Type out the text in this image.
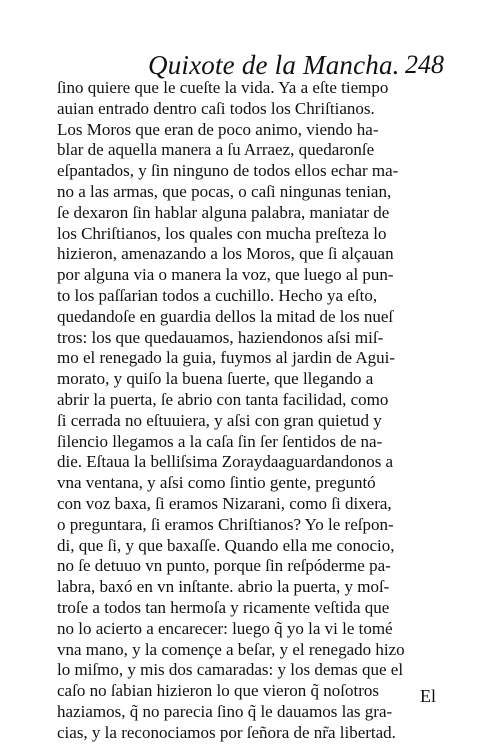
Quixote de la Mancha. 248
ſino quiere que le cueſte la vida. Ya a eſte tiempo
auian entrado dentro caſi todos los Chriſtianos.
Los Moros que eran de poco animo, viendo ha-
blar de aquella manera a ſu Arraez, quedaronſe
eſpantados, y ſin ninguno de todos ellos echar ma-
no a las armas, que pocas, o caſi ningunas tenian,
ſe dexaron ſin hablar alguna palabra, maniatar de
los Chriſtianos, los quales con mucha preſteza lo
hizieron, amenazando a los Moros, que ſi alçauan
por alguna via o manera la voz, que luego al pun-
to los paſſarian todos a cuchillo. Hecho ya eſto,
quedandoſe en guardia dellos la mitad de los nueſ
tros: los que quedauamos, haziendonos aſsi miſ-
mo el renegado la guia, fuymos al jardin de Agui-
morato, y quiſo la buena ſuerte, que llegando a
abrir la puerta, ſe abrio con tanta facilidad, como
ſi cerrada no eſtuuiera, y aſsi con gran quietud y
ſilencio llegamos a la caſa ſin ſer ſentidos de na-
die. Eſtaua la belliſsima Zoraydaaguardandonos a
vna ventana, y aſsi como ſintio gente, preguntó
con voz baxa, ſi eramos Nizarani, como ſi dixera,
o preguntara, ſi eramos Chriſtianos? Yo le reſpon-
di, que ſi, y que baxaſſe. Quando ella me conocio,
no ſe detuuo vn punto, porque ſin reſpóderme pa-
labra, baxó en vn inſtante. abrio la puerta, y moſ-
troſe a todos tan hermoſa y ricamente veſtida que
no lo acierto a encarecer: luego q̃ yo la vi le tomé
vna mano, y la començe a beſar, y el renegado hizo
lo miſmo, y mis dos camaradas: y los demas que el
caſo no ſabian hizieron lo que vieron q̃ noſotros
haziamos, q̃ no parecia ſino q̃ le dauamos las gra-
cias, y la reconociamos por ſeñora de nr̃a libertad.
El
